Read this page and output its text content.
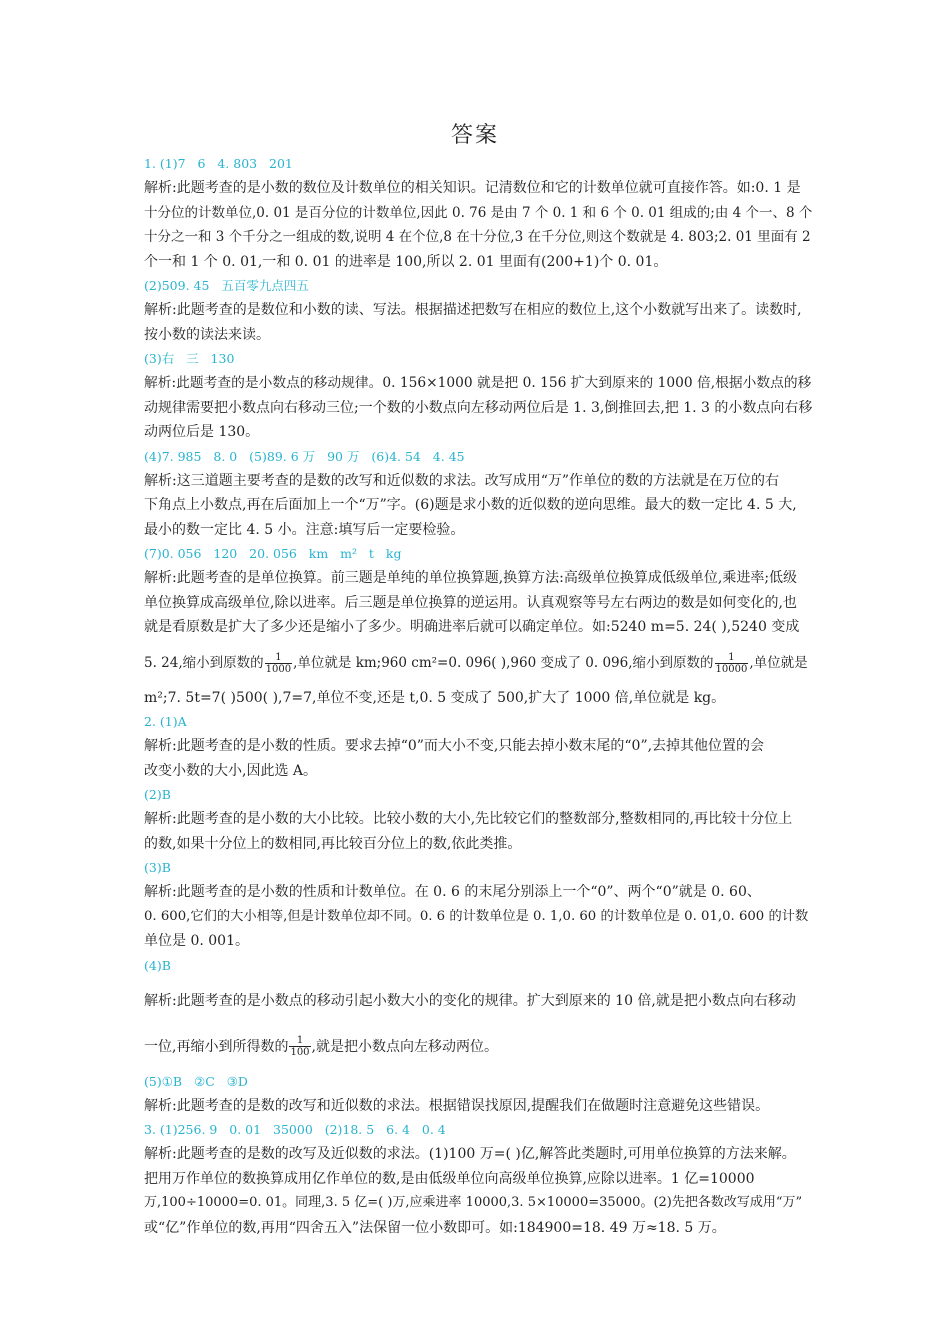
答案
1. (1)7   6   4. 803   201
解析:此题考查的是小数的数位及计数单位的相关知识。记清数位和它的计数单位就可直接作答。如:0. 1 是
十分位的计数单位,0. 01 是百分位的计数单位,因此 0. 76 是由 7 个 0. 1 和 6 个 0. 01 组成的;由 4 个一、8 个
十分之一和 3 个千分之一组成的数,说明 4 在个位,8 在十分位,3 在千分位,则这个数就是 4. 803;2. 01 里面有 2
个一和 1 个 0. 01,一和 0. 01 的进率是 100,所以 2. 01 里面有(200+1)个 0. 01。
(2)509. 45   五百零九点四五
解析:此题考查的是数位和小数的读、写法。根据描述把数写在相应的数位上,这个小数就写出来了。读数时,
按小数的读法来读。
(3)右   三   130
解析:此题考查的是小数点的移动规律。0. 156×1000 就是把 0. 156 扩大到原来的 1000 倍,根据小数点的移
动规律需要把小数点向右移动三位;一个数的小数点向左移动两位后是 1. 3,倒推回去,把 1. 3 的小数点向右移
动两位后是 130。
(4)7. 985   8. 0   (5)89. 6 万   90 万   (6)4. 54   4. 45
解析:这三道题主要考查的是数的改写和近似数的求法。改写成用“万”作单位的数的方法就是在万位的右
下角点上小数点,再在后面加上一个“万”字。(6)题是求小数的近似数的逆向思维。最大的数一定比 4. 5 大,
最小的数一定比 4. 5 小。注意:填写后一定要检验。
(7)0. 056   120   20. 056   km   m²   t   kg
解析:此题考查的是单位换算。前三题是单纯的单位换算题,换算方法:高级单位换算成低级单位,乘进率;低级
单位换算成高级单位,除以进率。后三题是单位换算的逆运用。认真观察等号左右两边的数是如何变化的,也
就是看原数是扩大了多少还是缩小了多少。明确进率后就可以确定单位。如:5240 m=5. 24( ),5240 变成
5. 24,缩小到原数的 $\frac{1}{1000}$ ,单位就是 km;960 cm²=0. 096( ),960 变成了 0. 096,缩小到原数的 $\frac{1}{10000}$ ,单位就是
m²;7. 5t=7( )500( ),7=7,单位不变,还是 t,0. 5 变成了 500,扩大了 1000 倍,单位就是 kg。
2. (1)A
解析:此题考查的是小数的性质。要求去掉“0”而大小不变,只能去掉小数末尾的“0”,去掉其他位置的会
改变小数的大小,因此选 A。
(2)B
解析:此题考查的是小数的大小比较。比较小数的大小,先比较它们的整数部分,整数相同的,再比较十分位上
的数,如果十分位上的数相同,再比较百分位上的数,依此类推。
(3)B
解析:此题考查的是小数的性质和计数单位。在 0. 6 的末尾分别添上一个“0”、两个“0”就是 0. 60、
0. 600,它们的大小相等,但是计数单位却不同。0. 6 的计数单位是 0. 1,0. 60 的计数单位是 0. 01,0. 600 的计数
单位是 0. 001。
(4)B
解析:此题考查的是小数点的移动引起小数大小的变化的规律。扩大到原来的 10 倍,就是把小数点向右移动
一位,再缩小到所得数的 $\frac{1}{100}$ ,就是把小数点向左移动两位。
(5)①B   ②C   ③D
解析:此题考查的是数的改写和近似数的求法。根据错误找原因,提醒我们在做题时注意避免这些错误。
3. (1)256. 9   0. 01   35000   (2)18. 5   6. 4   0. 4
解析:此题考查的是数的改写及近似数的求法。(1)100 万=( )亿,解答此类题时,可用单位换算的方法来解。
把用万作单位的数换算成用亿作单位的数,是由低级单位向高级单位换算,应除以进率。1 亿=10000
万,100÷10000=0. 01。同理,3. 5 亿=( )万,应乘进率 10000,3. 5×10000=35000。(2)先把各数改写成用“万”
或“亿”作单位的数,再用“四舍五入”法保留一位小数即可。如:184900=18. 49 万≈18. 5 万。
